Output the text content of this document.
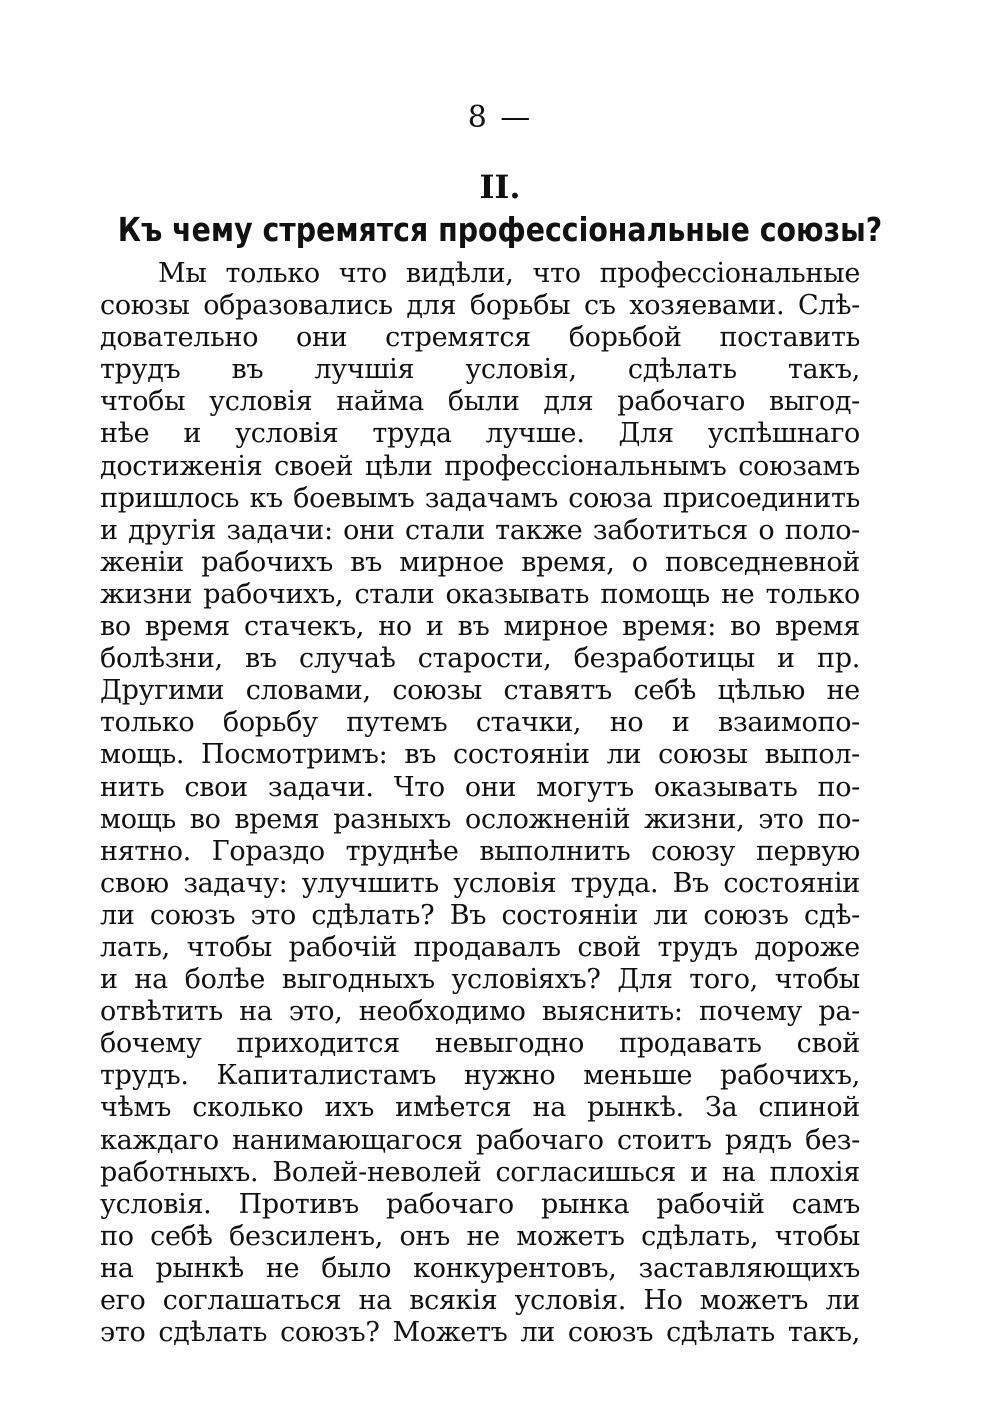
8 —
II.
Къ чему стремятся профессіональные союзы?
Мы только что видѣли, что профессіональные
союзы образовались для борьбы съ хозяевами. Слѣ-
довательно они стремятся борьбой поставить
трудъ въ лучшія условія, сдѣлать такъ,
чтобы условія найма были для рабочаго выгод-
нѣе и условія труда лучше. Для успѣшнаго
достиженія своей цѣли профессіональнымъ союзамъ
пришлось къ боевымъ задачамъ союза присоединить
и другія задачи: они стали также заботиться о поло-
женіи рабочихъ въ мирное время, о повседневной
жизни рабочихъ, стали оказывать помощь не только
во время стачекъ, но и въ мирное время: во время
болѣзни, въ случаѣ старости, безработицы и пр.
Другими словами, союзы ставятъ себѣ цѣлью не
только борьбу путемъ стачки, но и взаимопо-
мощь. Посмотримъ: въ состояніи ли союзы выпол-
нить свои задачи. Что они могутъ оказывать по-
мощь во время разныхъ осложненій жизни, это по-
нятно. Гораздо труднѣе выполнить союзу первую
свою задачу: улучшить условія труда. Въ состояніи
ли союзъ это сдѣлать? Въ состояніи ли союзъ сдѣ-
лать, чтобы рабочій продавалъ свой трудъ дороже
и на болѣе выгодныхъ условіяхъ? Для того, чтобы
отвѣтить на это, необходимо выяснить: почему ра-
бочему приходится невыгодно продавать свой
трудъ. Капиталистамъ нужно меньше рабочихъ,
чѣмъ сколько ихъ имѣется на рынкѣ. За спиной
каждаго нанимающагося рабочаго стоитъ рядъ без-
работныхъ. Волей-неволей согласишься и на плохія
условія. Противъ рабочаго рынка рабочій самъ
по себѣ безсиленъ, онъ не можетъ сдѣлать, чтобы
на рынкѣ не было конкурентовъ, заставляющихъ
его соглашаться на всякія условія. Но можетъ ли
это сдѣлать союзъ? Можетъ ли союзъ сдѣлать такъ,
